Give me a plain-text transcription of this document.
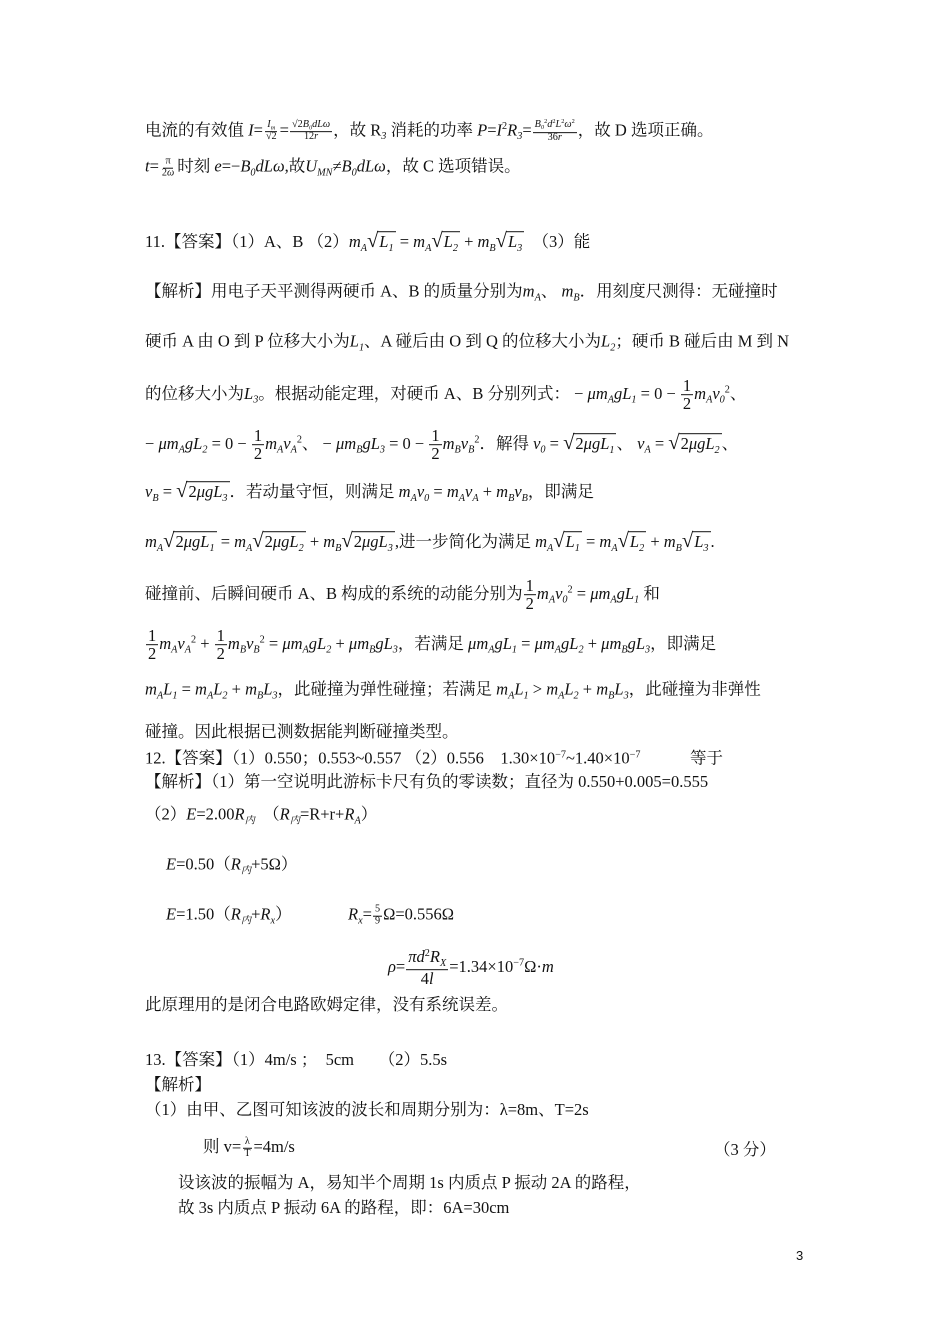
电流的有效值 $I= \frac{I_m}{√2} = √2B_0dL\omega$
12r ，故 $R_3$ 消耗的功率 $P=I^2R_3= \frac{B_0^2d^2L^2\omega^2}{36r}$ ，故 D 选项正确。
$t= \frac{\pi}{2\omega}$ 时刻 $e=-B_0dL\omega$,故$U_{MN}\ne B_0dL\omega$，故 C 选项错误。
11.【答案】（1）A、B $(2)m_A√L_1 = m_A√L_2 + m_B√L_3$　（3）能
【解析】用电子天平测得两硬币 A、B 的质量分别为$m_A$、 $m_B$．用刻度尺测得：无碰撞时
硬币 A 由 O 到 P 位移大小为$L_1$、A 碰后由 O 到 Q 的位移大小为$L_2$；硬币 B 碰后由 M 到 N
的位移大小为$L_3$。根据动能定理，对硬币 A、B 分别列式： − $\mu m_AgL_1 = 0 - \frac{1}{2} m_Av_0^2$、
− $\mu m_AgL_2 = 0 - \frac{1}{2} m_Av_A^2$、 − $\mu m_BgL_3 = 0 - \frac{1}{2} m_Bv_B^2$．解得 $v_0 = √2\mu gL_1$ 、 $v_A = √2\mu gL_2$ 、
$v_B = √2\mu gL_3$ ．若动量守恒，则满足 $m_Av_0 = m_Av_A + m_Bv_B$，即满足
$m_A√2\mu gL_1 = m_A√2\mu gL_2 + m_B√2\mu gL_3$ ,进一步简化为满足 $m_A√L_1 = m_A√L_2 + m_B√L_3$ .
碰撞前、后瞬间硬币 A、B 构成的系统的动能分别为 $\frac{1}{2} m_Av_0^2 = \mu m_AgL_1$ 和
$\frac{1}{2} m_Av_A^2 + \frac{1}{2} m_Bv_B^2 = \mu m_AgL_2 + \mu m_BgL_3$，若满足 $\mu m_AgL_1 = \mu m_AgL_2 + \mu m_BgL_3$，即满足
$m_AL_1 = m_AL_2 + m_BL_3$，此碰撞为弹性碰撞；若满足 $m_AL_1 > m_AL_2 + m_BL_3$，此碰撞为非弹性
碰撞。因此根据已测数据能判断碰撞类型。
12.【答案】（1）0.550；0.553~0.557 （2）0.556　$1.30\times 10^{-7}\sim 1.40\times 10^{-7}$　　　等于
【解析】（1）第一空说明此游标卡尺有负的零读数；直径为 0.550+0.005=0.555
$(2)E=2.00R_内$　$(R_内=R+r+R_A)$
$E=0.50(R_内+5\Omega)$
$E=1.50(R_内+R_x)$	$R_x= \frac{5}{9} \Omega=0.556\Omega$
$\rho= \frac{\pi d^2R_X}{4l} =1.34\times 10^{-7}\Omega\cdot m$
此原理用的是闭合电路欧姆定律，没有系统误差。
13.【答案】（1）4m/s ；　5cm　　（2）5.5s
【解析】
（1）由甲、乙图可知该波的波长和周期分别为：λ=8m、T=2s
则 $v= \frac{\lambda}{T} =4m/s$	（3 分）
设该波的振幅为 A，易知半个周期 1s 内质点 P 振动 2A 的路程，
故 3s 内质点 P 振动 6A 的路程，即：6A=30cm
3
